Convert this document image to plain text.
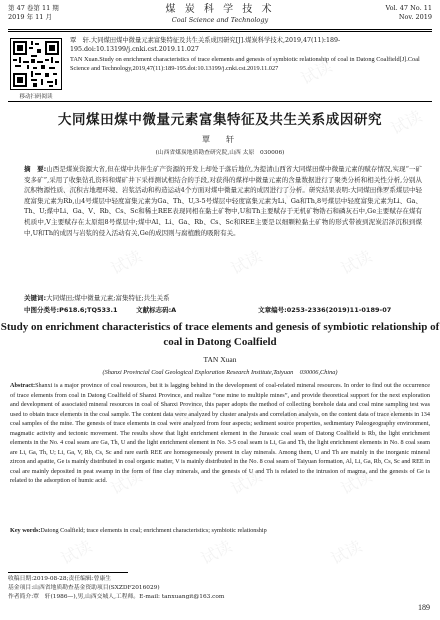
第 47 卷第 11 期
2019 年 11 月
煤 炭 科 学 技 术
Coal Science and Technology
Vol. 47 No. 11
Nov. 2019
移动扫码阅读

覃　轩.大同煤田煤中微量元素富集特征及共生关系成因研究[J].煤炭科学技术,2019,47(11):189-195.doi:10.13199/j.cnki.cst.2019.11.027

TAN Xuan.Study on enrichment characteristics of trace elements and genesis of symbiotic relationship of coal in Datong Coalfield[J].Coal Science and Technology,2019,47(11):189-195.doi:10.13199/j.cnki.cst.2019.11.027

大同煤田煤中微量元素富集特征及共生关系成因研究
覃　轩
(山西省煤炭地质勘查研究院,山西 太原　030006)
摘　要:山西是煤炭资源大省,但在煤中共伴生矿产资源的开发上却处于落后地位,为提清山西省大同煤田煤中微量元素的赋存情况,实现“一矿变多矿”,采用了收集钻孔资料和煤矿井下采样测试相结合的手段,对获得的煤样中微量元素的含量数据进行了聚类分析和相关性分析,分别从沉积物源性质、沉积古地理环境、岩浆活动和构造运动4个方面对煤中微量元素的成因进行了分析。研究结果表明:大同煤田侏罗系煤层中轻度富集元素为Rb,山4号煤层中轻度富集元素为Ga、Th、U,3-5号煤层中轻度富集元素为Li、Ga和Th,8号煤层中轻度富集元素为Li、Ga、Th、U;煤中Li、Ga、V、Rb、Cs、Sc和稀土REE表现同相在黏土矿物中,U和Th主要赋存于无机矿物锆石和磷灰石中,Ge主要赋存在煤有机质中,V主要赋存在太原组8号煤层中;煤中Al、Li、Ga、Rb、Cs、Sc和REE主要是以细颗粒黏土矿物的形式带被到泥炭沼泽沉积到煤中,U和Th的成因与岩浆的侵入活动有关,Ge的成因则与腐植酸的吸附有关。
关键词:大同煤田;煤中微量元素;富集特征;共生关系
中图分类号:P618.6;TQ533.1	文献标志码:A	文章编号:0253-2336(2019)11-0189-07
Study on enrichment characteristics of trace elements and genesis of symbiotic relationship of coal in Datong Coalfield
TAN Xuan
(Shanxi Provincial Coal Geological Exploration Research Institute,Taiyuan　030006,China)
Abstract:Shanxi is a major province of coal resources, but it is lagging behind in the development of coal-related mineral resources. In order to find out the occurrence of trace elements from coal in Datong Coalfield of Shanxi Province, and realize “one mine to multiple mines”, and provide theoretical support for the next exploration and development of associated mineral resources in coal of Shanxi Province, this paper adopts the method of collecting borehole data and coal mine sampling test was used to obtain trace elements in the coal sample. The content data were analyzed by cluster analysis and correlation analysis, on the content data of trace elements in 134 coal samples of the mine. The genesis of trace elements in coal were analyzed from four aspects; sediment source properties, sedimentary Paleogeography environment, magmatic activity and tectonic movement. The results show that light enrichment element in the Jurassic coal seam of Datong Coalfield is Rb, the light enrichment elements in the No. 4 coal seam are Ga, Th, U and the light enrichment element in No. 3-5 coal seam is Li, Ga and Th, the light enrichment elements in No. 8 coal seam are Li, Ga, Th, U; Li, Ga, V, Rb, Cs, Sc and rare earth REE are homogeneously present in clay minerals. Among them, U and Th are mainly in the inorganic mineral zircon and apatite, Ge is mainly distributed in coal organic matter, V is mainly distributed in the No. 8 coal seam of Taiyuan formation, Al, Li, Ga, Rb, Cs, Sc and REE in coal are mainly deposited in peat swamp in the form of fine clay minerals, and the genesis of U and Th is related to the intrusion of magma, and the genesis of Ge is related to the adsorption of humic acid.
Key words:Datong Coalfield; trace elements in coal; enrichment characteristics; symbiotic relationship
收稿日期:2019-08-28;责任编辑:曾康生
基金项目:山西省地质勘查基金资助项目(SXZDF2016029)
作者简介:覃　轩(1986—),男,山西交城人,工程师。E-mail: tanxuangit@163.com
189
试读	试读	试读	试读
试读	试读	试读
试读	试读	试读	试读
试读	试读	试读
试读	试读	试读
试读
试读
